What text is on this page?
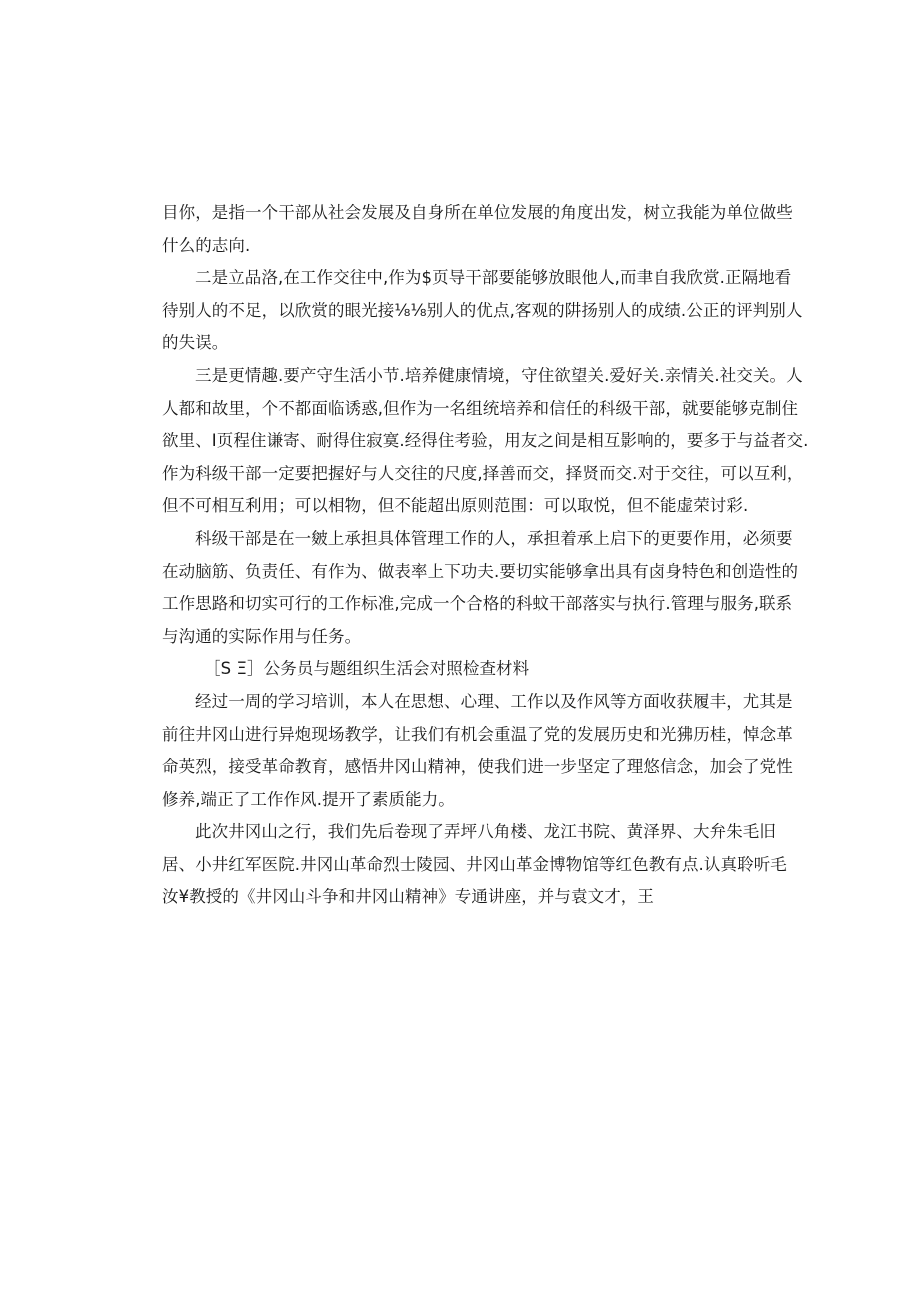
目你，是指一个干部从社会发展及自身所在单位发展的角度出发，树立我能为单位做些
什么的志向.
二是立品洛,在工作交往中,作为$页导干部要能够放眼他人,而聿自我欣赏.正隔地看
待别人的不足，以欣赏的眼光接⅛⅛别人的优点,客观的阱扬别人的成绩.公正的评判别人
的失误。
三是更情趣.要产守生活小节.培养健康情境，守住欲望关.爱好关.亲情关.社交关。人
人都和故里，个不都面临诱惑,但作为一名组统培养和信任的科级干部，就要能够克制住
欲里、I页程住谦寄、耐得住寂寞.经得住考验，用友之间是相互影响的，要多于与益者交.
作为科级干部一定要把握好与人交往的尺度,择善而交，择贤而交.对于交往，可以互利，
但不可相互利用；可以相物，但不能超出原则范围：可以取悦，但不能虚荣讨彩.
科级干部是在一皴上承担具体管理工作的人，承担着承上启下的更要作用，必须要
在动脑筋、负责任、有作为、做表率上下功夫.要切实能够拿出具有卤身特色和创造性的
工作思路和切实可行的工作标准,完成一个合格的科蚊干部落实与执行.管理与服务,联系
与沟通的实际作用与任务。
［S Ξ］公务员与题组织生活会对照检查材料
经过一周的学习培训，本人在思想、心理、工作以及作风等方面收获履丰，尤其是
前往井冈山进行异炮现场教学，让我们有机会重温了党的发展历史和光狒历桂，悼念革
命英烈，接受革命教育，感悟井冈山精神，使我们进一步坚定了理悠信念，加会了党性
修养,端正了工作作风.提开了素质能力。
此次井冈山之行，我们先后卷现了弄坪八角楼、龙江书院、黄泽界、大弁朱毛旧
居、小井红军医院.井冈山革命烈士陵园、井冈山革金博物馆等红色教有点.认真聆听毛
汝¥教授的《井冈山斗争和井冈山精神》专通讲座，并与袁文才，王
